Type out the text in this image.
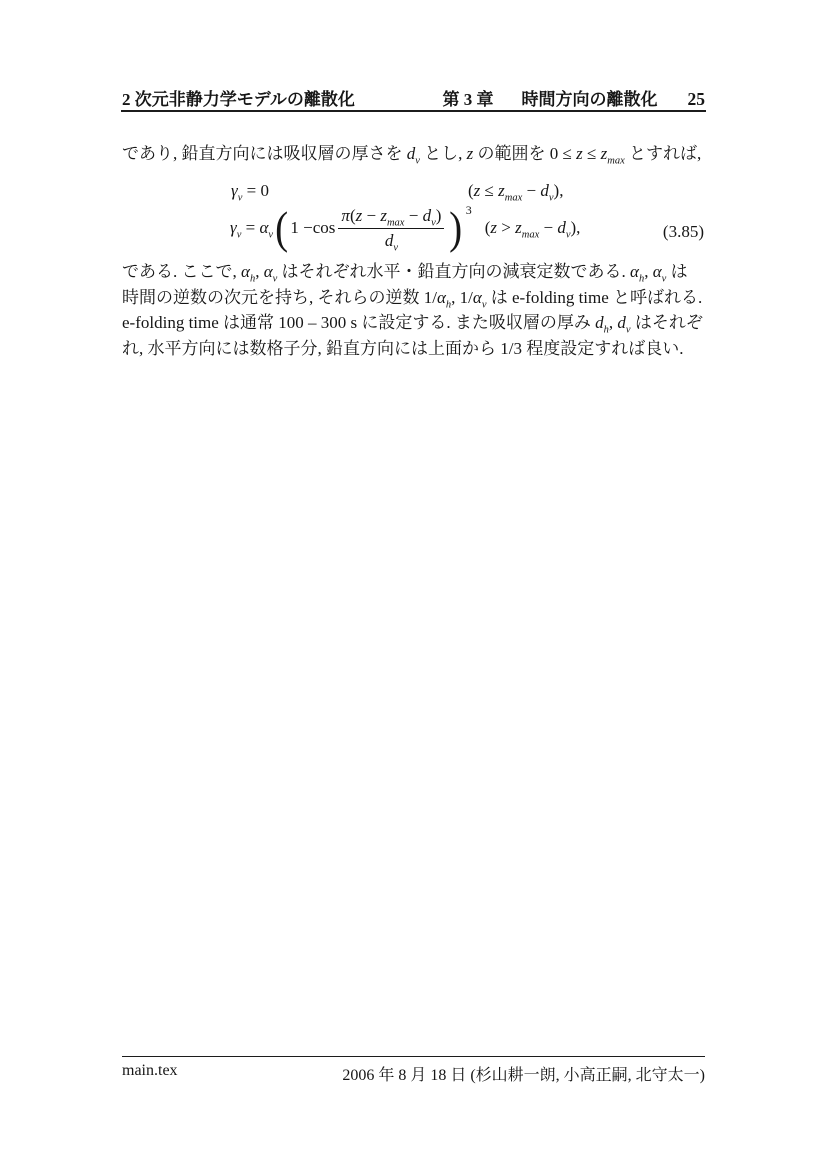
2 次元非静力学モデルの離散化	第 3 章 時間方向の離散化 25
であり, 鉛直方向には吸収層の厚さを $d_v$ とし, z の範囲を $0 \le z \le z_{max}$ とすれば,
$\gamma_v = 0$	$(z \le z_{max} - d_v)$,
$\gamma_v = \alpha_v$ ( $1 - \cos \frac{\pi(z - z_{max} - d_v)}{d_v}$ ) 3
$(z > z_{max} - d_v)$,	(3.85)
である. ここで, $\alpha_h$, $\alpha_v$ はそれぞれ水平・鉛直方向の減衰定数である. $\alpha_h$, $\alpha_v$ は
時間の逆数の次元を持ち, それらの逆数 $1/\alpha_h$, $1/\alpha_v$ は e-folding time と呼ばれる.
e-folding time は通常 100 – 300 s に設定する. また吸収層の厚み $d_h$, $d_v$ はそれぞ
れ, 水平方向には数格子分, 鉛直方向には上面から 1/3 程度設定すれば良い.
main.tex	2006 年 8 月 18 日 (杉山耕一朗, 小高正嗣, 北守太一)
